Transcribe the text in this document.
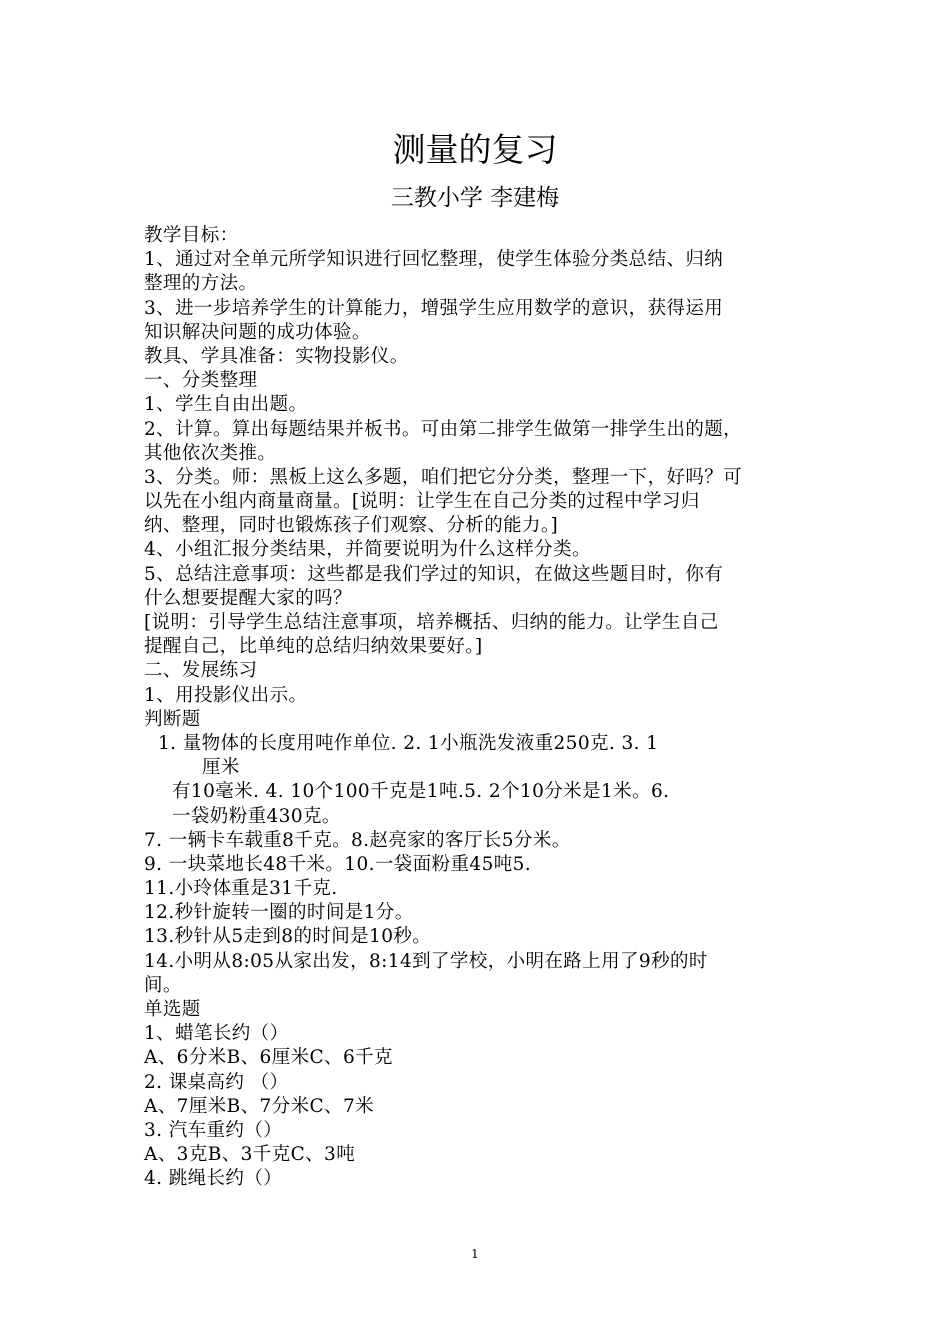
测量的复习
三教小学 李建梅
教学目标：
1、通过对全单元所学知识进行回忆整理，使学生体验分类总结、归纳
整理的方法。
3、进一步培养学生的计算能力，增强学生应用数学的意识，获得运用
知识解决问题的成功体验。
教具、学具准备：实物投影仪。
一、分类整理
1、学生自由出题。
2、计算。算出每题结果并板书。可由第二排学生做第一排学生出的题，
其他依次类推。
3、分类。师：黑板上这么多题，咱们把它分分类，整理一下，好吗？可
以先在小组内商量商量。[说明：让学生在自己分类的过程中学习归
纳、整理，同时也锻炼孩子们观察、分析的能力。]
4、小组汇报分类结果，并简要说明为什么这样分类。
5、总结注意事项：这些都是我们学过的知识，在做这些题目时，你有
什么想要提醒大家的吗？
[说明：引导学生总结注意事项，培养概括、归纳的能力。让学生自己
提醒自己，比单纯的总结归纳效果要好。]
二、发展练习
1、用投影仪出示。
判断题
1. 量物体的长度用吨作单位. 2. 1小瓶洗发液重250克. 3. 1
厘米
有10毫米. 4. 10个100千克是1吨.5. 2个10分米是1米。6.
一袋奶粉重430克。
7. 一辆卡车载重8千克。8.赵亮家的客厅长5分米。
9. 一块菜地长48千米。10.一袋面粉重45吨5.
11.小玲体重是31千克.
12.秒针旋转一圈的时间是1分。
13.秒针从5走到8的时间是10秒。
14.小明从8:05从家出发，8:14到了学校，小明在路上用了9秒的时
间。
单选题
1、蜡笔长约（）
A、6分米B、6厘米C、6千克
2. 课桌高约 （）
A、7厘米B、7分米C、7米
3. 汽车重约（）
A、3克B、3千克C、3吨
4. 跳绳长约（）
1
